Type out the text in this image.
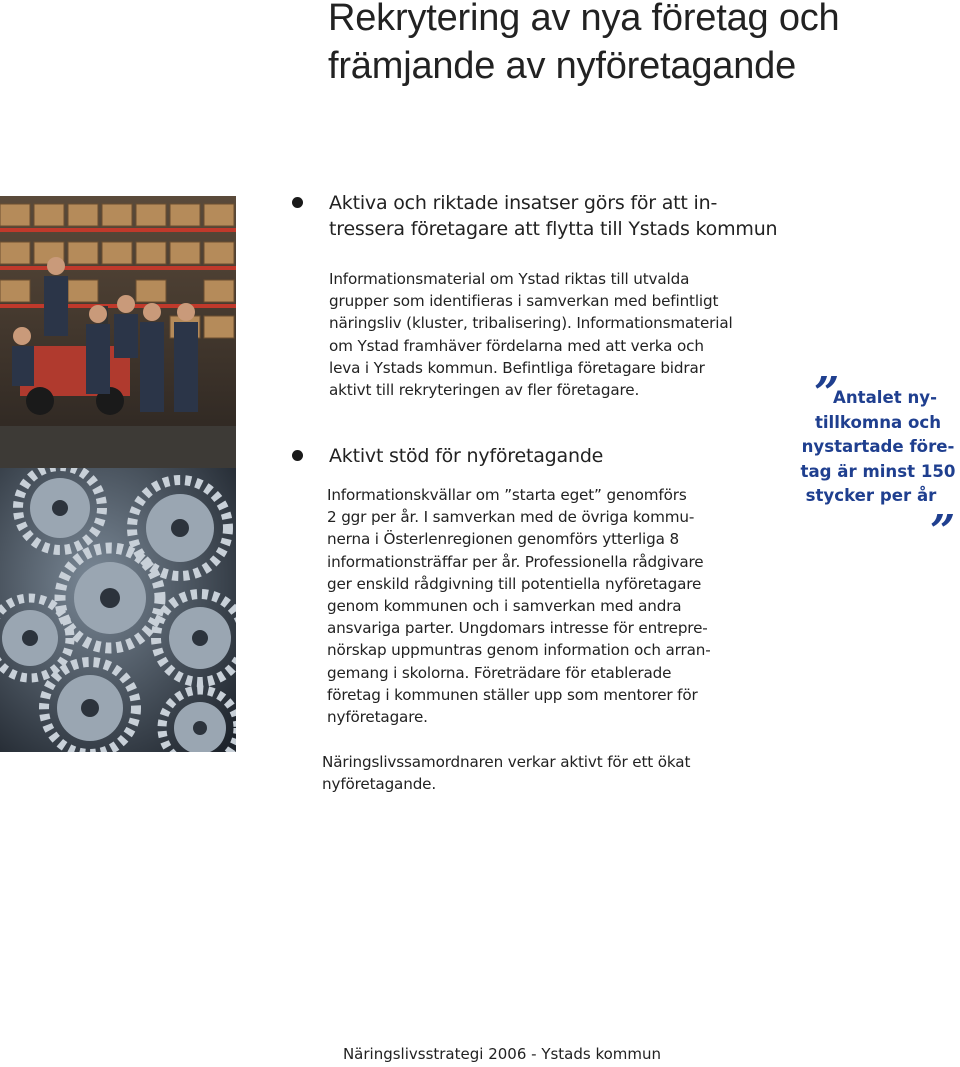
Rekrytering av nya företag och
främjande av nyföretagande
Aktiva och riktade insatser görs för att in-
tressera företagare att flytta till Ystads kommun
Informationsmaterial om Ystad riktas till utvalda
grupper som identifieras i samverkan med befintligt
näringsliv (kluster, tribalisering). Informationsmaterial
om Ystad framhäver fördelarna med att verka och
leva i Ystads kommun. Befintliga företagare bidrar
aktivt till rekryteringen av fler företagare.
Aktivt stöd för nyföretagande
Informationskvällar om ”starta eget” genomförs
2 ggr per år. I samverkan med de övriga kommu-
nerna i Österlenregionen genomförs ytterliga 8
informationsträffar per år. Professionella rådgivare
ger enskild rådgivning till potentiella nyföretagare
genom kommunen och i samverkan med andra
ansvariga parter. Ungdomars intresse för entrepre-
nörskap uppmuntras genom information och arran-
gemang i skolorna. Företrädare för etablerade
företag i kommunen ställer upp som mentorer för
nyföretagare.
Näringslivssamordnaren verkar aktivt för ett ökat
nyföretagande.
”
Antalet ny-
tillkomna och
nystartade före-
tag är minst 150
stycker per år
”
Näringslivsstrategi 2006 - Ystads kommun
